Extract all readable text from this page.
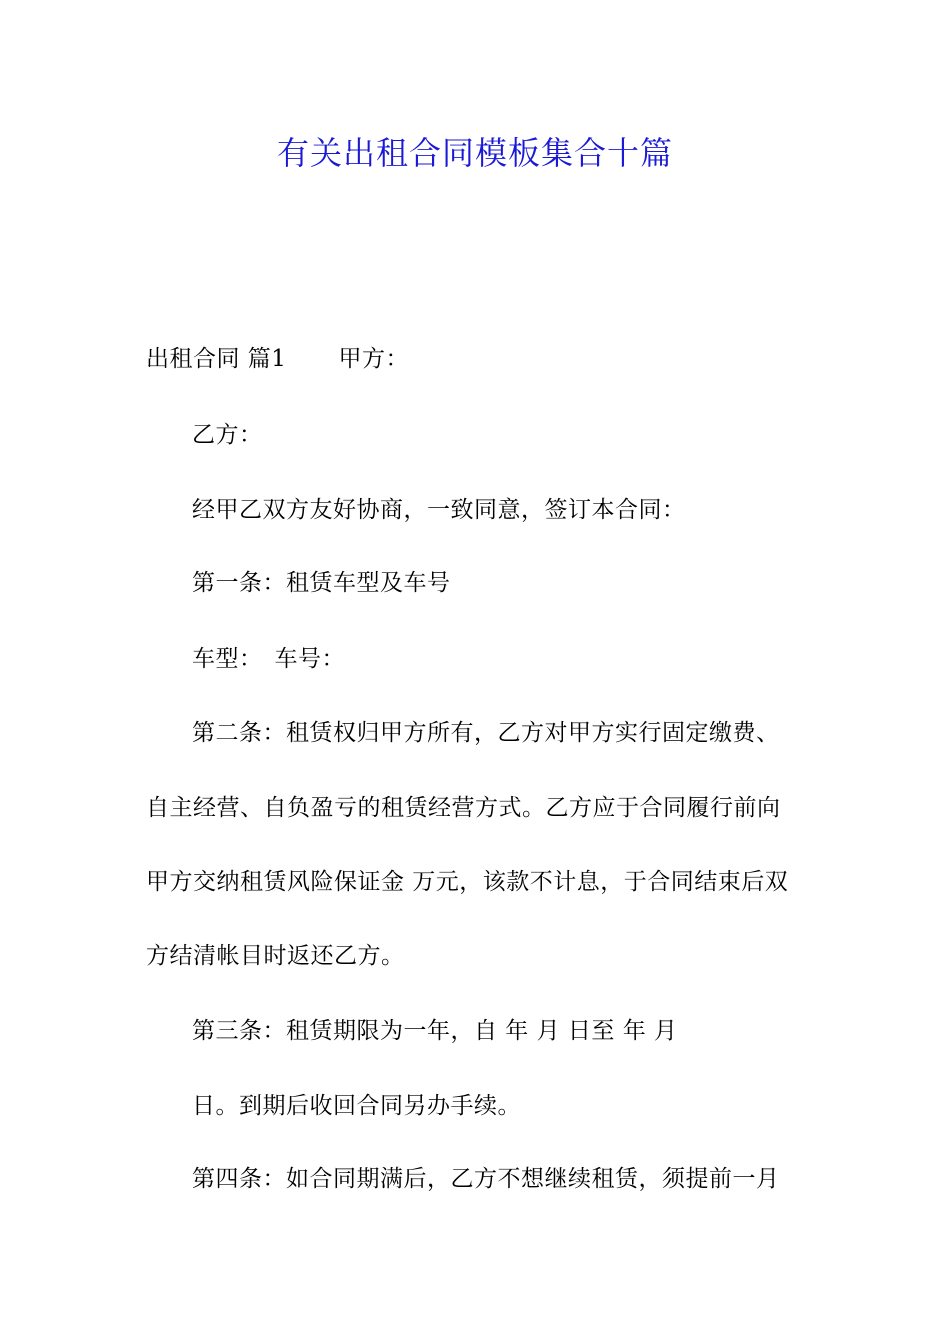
有关出租合同模板集合十篇
出租合同 篇1 甲方：
乙方：
经甲乙双方友好协商，一致同意，签订本合同：
第一条：租赁车型及车号
车型： 车号：
第二条：租赁权归甲方所有，乙方对甲方实行固定缴费、
自主经营、自负盈亏的租赁经营方式。乙方应于合同履行前向
甲方交纳租赁风险保证金 万元，该款不计息，于合同结束后双
方结清帐目时返还乙方。
第三条：租赁期限为一年，自 年 月 日至 年 月
日。到期后收回合同另办手续。
第四条：如合同期满后，乙方不想继续租赁，须提前一月
